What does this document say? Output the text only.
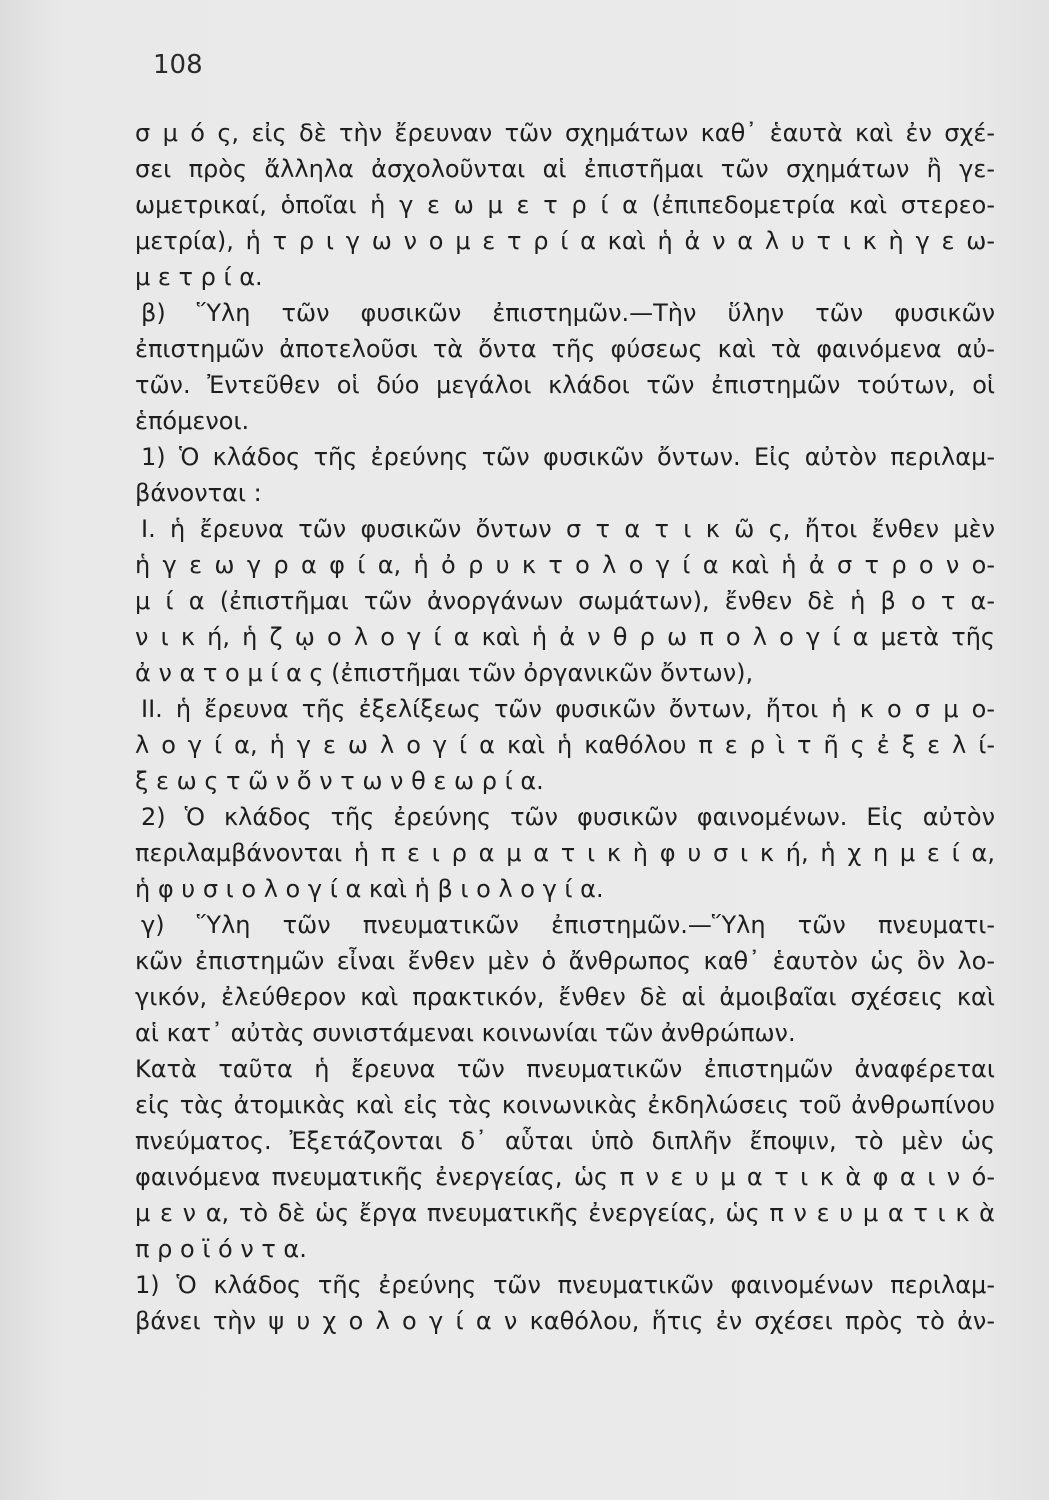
108
σ μ ό ς, εἰς δὲ τὴν ἔρευναν τῶν σχημάτων καθ᾽ ἑαυτὰ καὶ ἐν σχέ-
σει πρὸς ἄλληλα ἀσχολοῦνται αἱ ἐπιστῆμαι τῶν σχημάτων ἢ γε-
ωμετρικαί, ὁποῖαι ἡ γ ε ω μ ε τ ρ ί α (ἐπιπεδομετρία καὶ στερεο-
μετρία), ἡ τ ρ ι γ ω ν ο μ ε τ ρ ί α καὶ ἡ ἀ ν α λ υ τ ι κ ὴ γ ε ω-
μ ε τ ρ ί α.
β) Ὕλη τῶν φυσικῶν ἐπιστημῶν.—Τὴν ὕλην τῶν φυσικῶν
ἐπιστημῶν ἀποτελοῦσι τὰ ὄντα τῆς φύσεως καὶ τὰ φαινόμενα αὐ-
τῶν. Ἐντεῦθεν οἱ δύο μεγάλοι κλάδοι τῶν ἐπιστημῶν τούτων, οἱ
ἑπόμενοι.
1) Ὁ κλάδος τῆς ἐρεύνης τῶν φυσικῶν ὄντων. Εἰς αὐτὸν περιλαμ-
βάνονται :
I. ἡ ἔρευνα τῶν φυσικῶν ὄντων σ τ α τ ι κ ῶ ς, ἤτοι ἔνθεν μὲν
ἡ γ ε ω γ ρ α φ ί α, ἡ ὀ ρ υ κ τ ο λ ο γ ί α καὶ ἡ ἀ σ τ ρ ο ν ο-
μ ί α (ἐπιστῆμαι τῶν ἀνοργάνων σωμάτων), ἔνθεν δὲ ἡ β ο τ α-
ν ι κ ή, ἡ ζ ῳ ο λ ο γ ί α καὶ ἡ ἀ ν θ ρ ω π ο λ ο γ ί α μετὰ τῆς
ἀ ν α τ ο μ ί α ς (ἐπιστῆμαι τῶν ὀργανικῶν ὄντων),
II. ἡ ἔρευνα τῆς ἐξελίξεως τῶν φυσικῶν ὄντων, ἤτοι ἡ κ ο σ μ ο-
λ ο γ ί α, ἡ γ ε ω λ ο γ ί α καὶ ἡ καθόλου π ε ρ ὶ τ ῆ ς ἐ ξ ε λ ί-
ξ ε ω ς τ ῶ ν ὄ ν τ ω ν θ ε ω ρ ί α.
2) Ὁ κλάδος τῆς ἐρεύνης τῶν φυσικῶν φαινομένων. Εἰς αὐτὸν
περιλαμβάνονται ἡ π ε ι ρ α μ α τ ι κ ὴ φ υ σ ι κ ή, ἡ χ η μ ε ί α,
ἡ φ υ σ ι ο λ ο γ ί α καὶ ἡ β ι ο λ ο γ ί α.
γ) Ὕλη τῶν πνευματικῶν ἐπιστημῶν.—Ὕλη τῶν πνευματι-
κῶν ἐπιστημῶν εἶναι ἔνθεν μὲν ὁ ἄνθρωπος καθ᾽ ἑαυτὸν ὡς ὂν λο-
γικόν, ἐλεύθερον καὶ πρακτικόν, ἔνθεν δὲ αἱ ἀμοιβαῖαι σχέσεις καὶ
αἱ κατ᾽ αὐτὰς συνιστάμεναι κοινωνίαι τῶν ἀνθρώπων.
Κατὰ ταῦτα ἡ ἔρευνα τῶν πνευματικῶν ἐπιστημῶν ἀναφέρεται
εἰς τὰς ἀτομικὰς καὶ εἰς τὰς κοινωνικὰς ἐκδηλώσεις τοῦ ἀνθρωπίνου
πνεύματος. Ἐξετάζονται δ᾽ αὗται ὑπὸ διπλῆν ἔποψιν, τὸ μὲν ὡς
φαινόμενα πνευματικῆς ἐνεργείας, ὡς π ν ε υ μ α τ ι κ ὰ φ α ι ν ό-
μ ε ν α, τὸ δὲ ὡς ἔργα πνευματικῆς ἐνεργείας, ὡς π ν ε υ μ α τ ι κ ὰ
π ρ ο ϊ ό ν τ α.
1) Ὁ κλάδος τῆς ἐρεύνης τῶν πνευματικῶν φαινομένων περιλαμ-
βάνει τὴν ψ υ χ ο λ ο γ ί α ν καθόλου, ἥτις ἐν σχέσει πρὸς τὸ ἀν-
